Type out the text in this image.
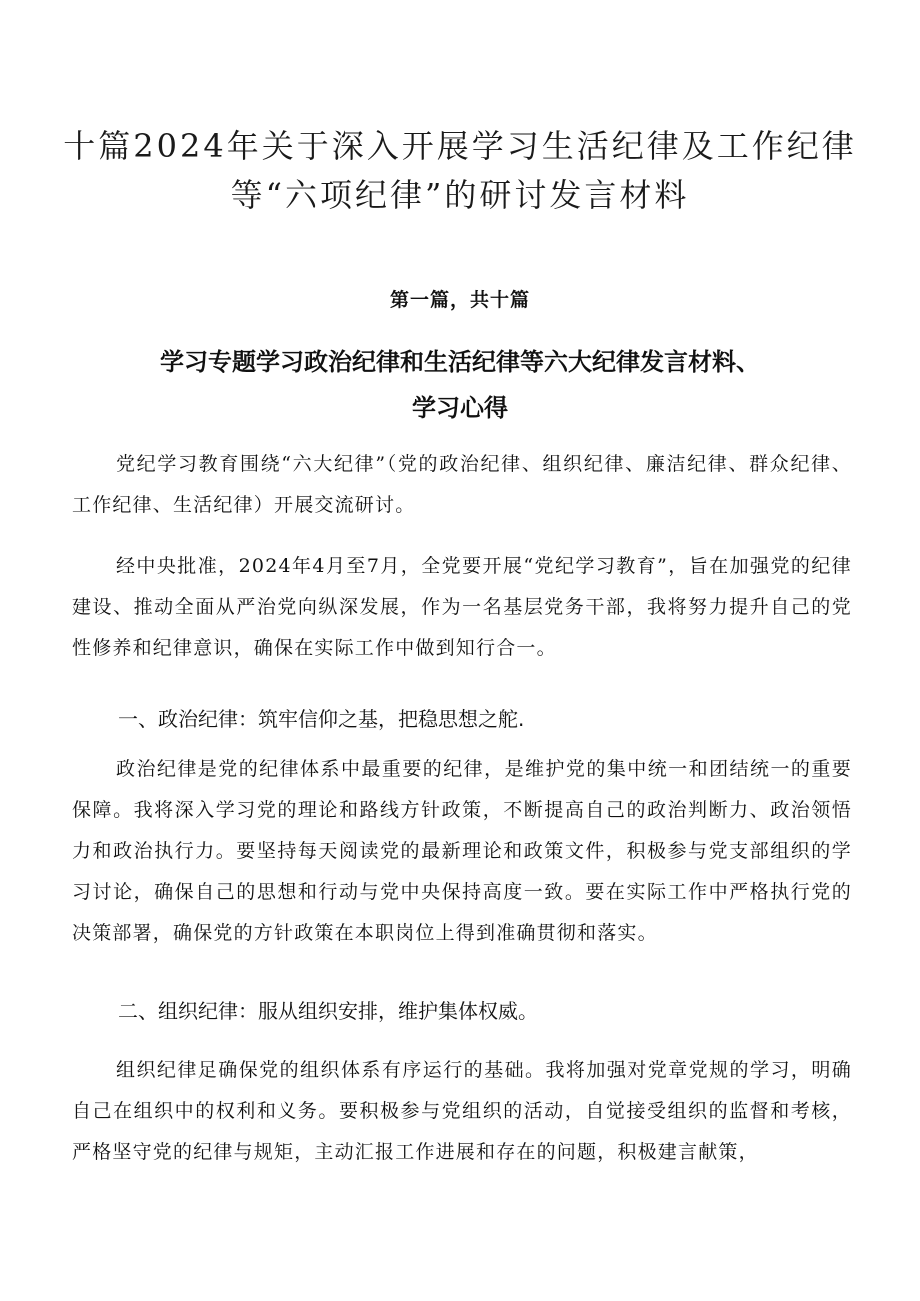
十篇2024年关于深入开展学习生活纪律及工作纪律
等“六项纪律”的研讨发言材料

第一篇，共十篇

学习专题学习政治纪律和生活纪律等六大纪律发言材料、
学习心得

党纪学习教育围绕“六大纪律”（党的政治纪律、组织纪律、廉洁纪律、群众纪律、工作纪律、生活纪律）开展交流研讨。

经中央批准，2024年4月至7月，全党要开展“党纪学习教育”，旨在加强党的纪律建设、推动全面从严治党向纵深发展，作为一名基层党务干部，我将努力提升自己的党性修养和纪律意识，确保在实际工作中做到知行合一。

一、政治纪律：筑牢信仰之基，把稳思想之舵.

政治纪律是党的纪律体系中最重要的纪律，是维护党的集中统一和团结统一的重要保障。我将深入学习党的理论和路线方针政策，不断提高自己的政治判断力、政治领悟力和政治执行力。要坚持每天阅读党的最新理论和政策文件，积极参与党支部组织的学习讨论，确保自己的思想和行动与党中央保持高度一致。要在实际工作中严格执行党的决策部署，确保党的方针政策在本职岗位上得到准确贯彻和落实。

二、组织纪律：服从组织安排，维护集体权威。

组织纪律足确保党的组织体系有序运行的基础。我将加强对党章党规的学习，明确自己在组织中的权利和义务。要积极参与党组织的活动，自觉接受组织的监督和考核，严格坚守党的纪律与规矩，主动汇报工作进展和存在的问题，积极建言献策，
